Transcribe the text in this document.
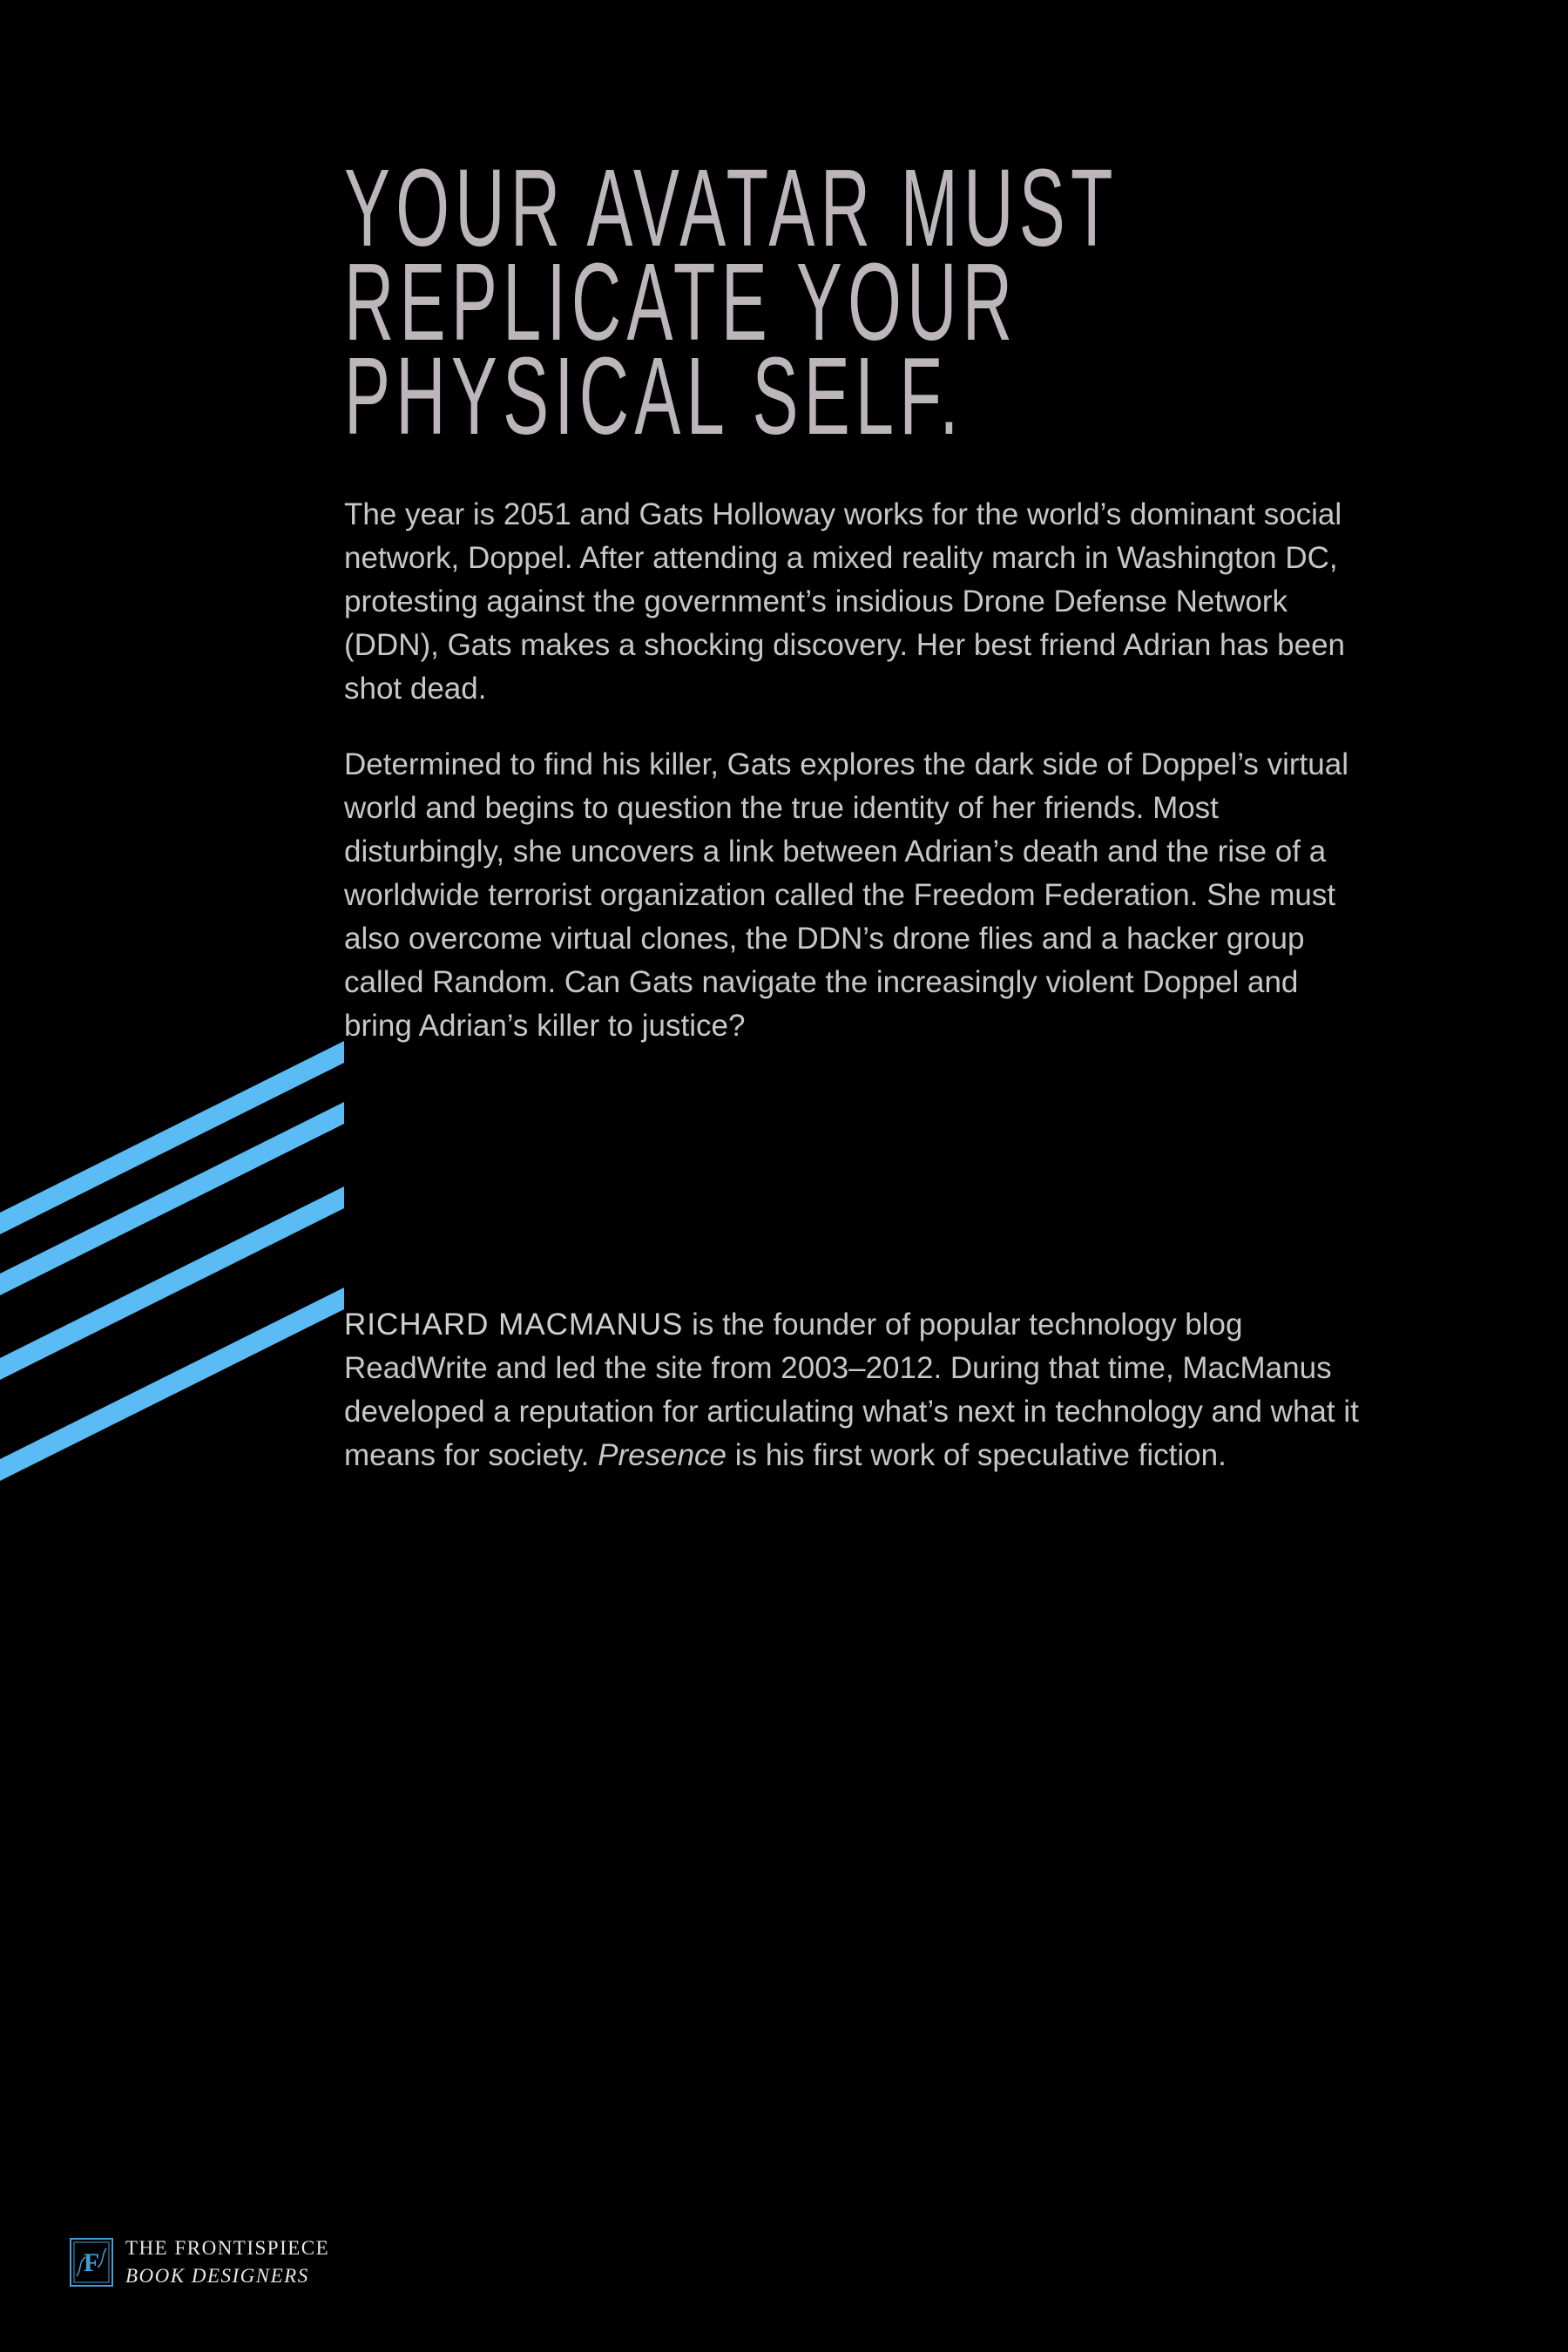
YOUR AVATAR MUST
REPLICATE YOUR
PHYSICAL SELF.

The year is 2051 and Gats Holloway works for the world’s dominant social network, Doppel. After attending a mixed reality march in Washington DC, protesting against the government’s insidious Drone Defense Network (DDN), Gats makes a shocking discovery. Her best friend Adrian has been shot dead.

Determined to find his killer, Gats explores the dark side of Doppel’s virtual world and begins to question the true identity of her friends. Most disturbingly, she uncovers a link between Adrian’s death and the rise of a worldwide terrorist organization called the Freedom Federation. She must also overcome virtual clones, the DDN’s drone flies and a hacker group called Random. Can Gats navigate the increasingly violent Doppel and bring Adrian’s killer to justice?

RICHARD MACMANUS is the founder of popular technology blog ReadWrite and led the site from 2003–2012. During that time, MacManus developed a reputation for articulating what’s next in technology and what it means for society. Presence is his first work of speculative fiction.

F
THE FRONTISPIECE
BOOK DESIGNERS
